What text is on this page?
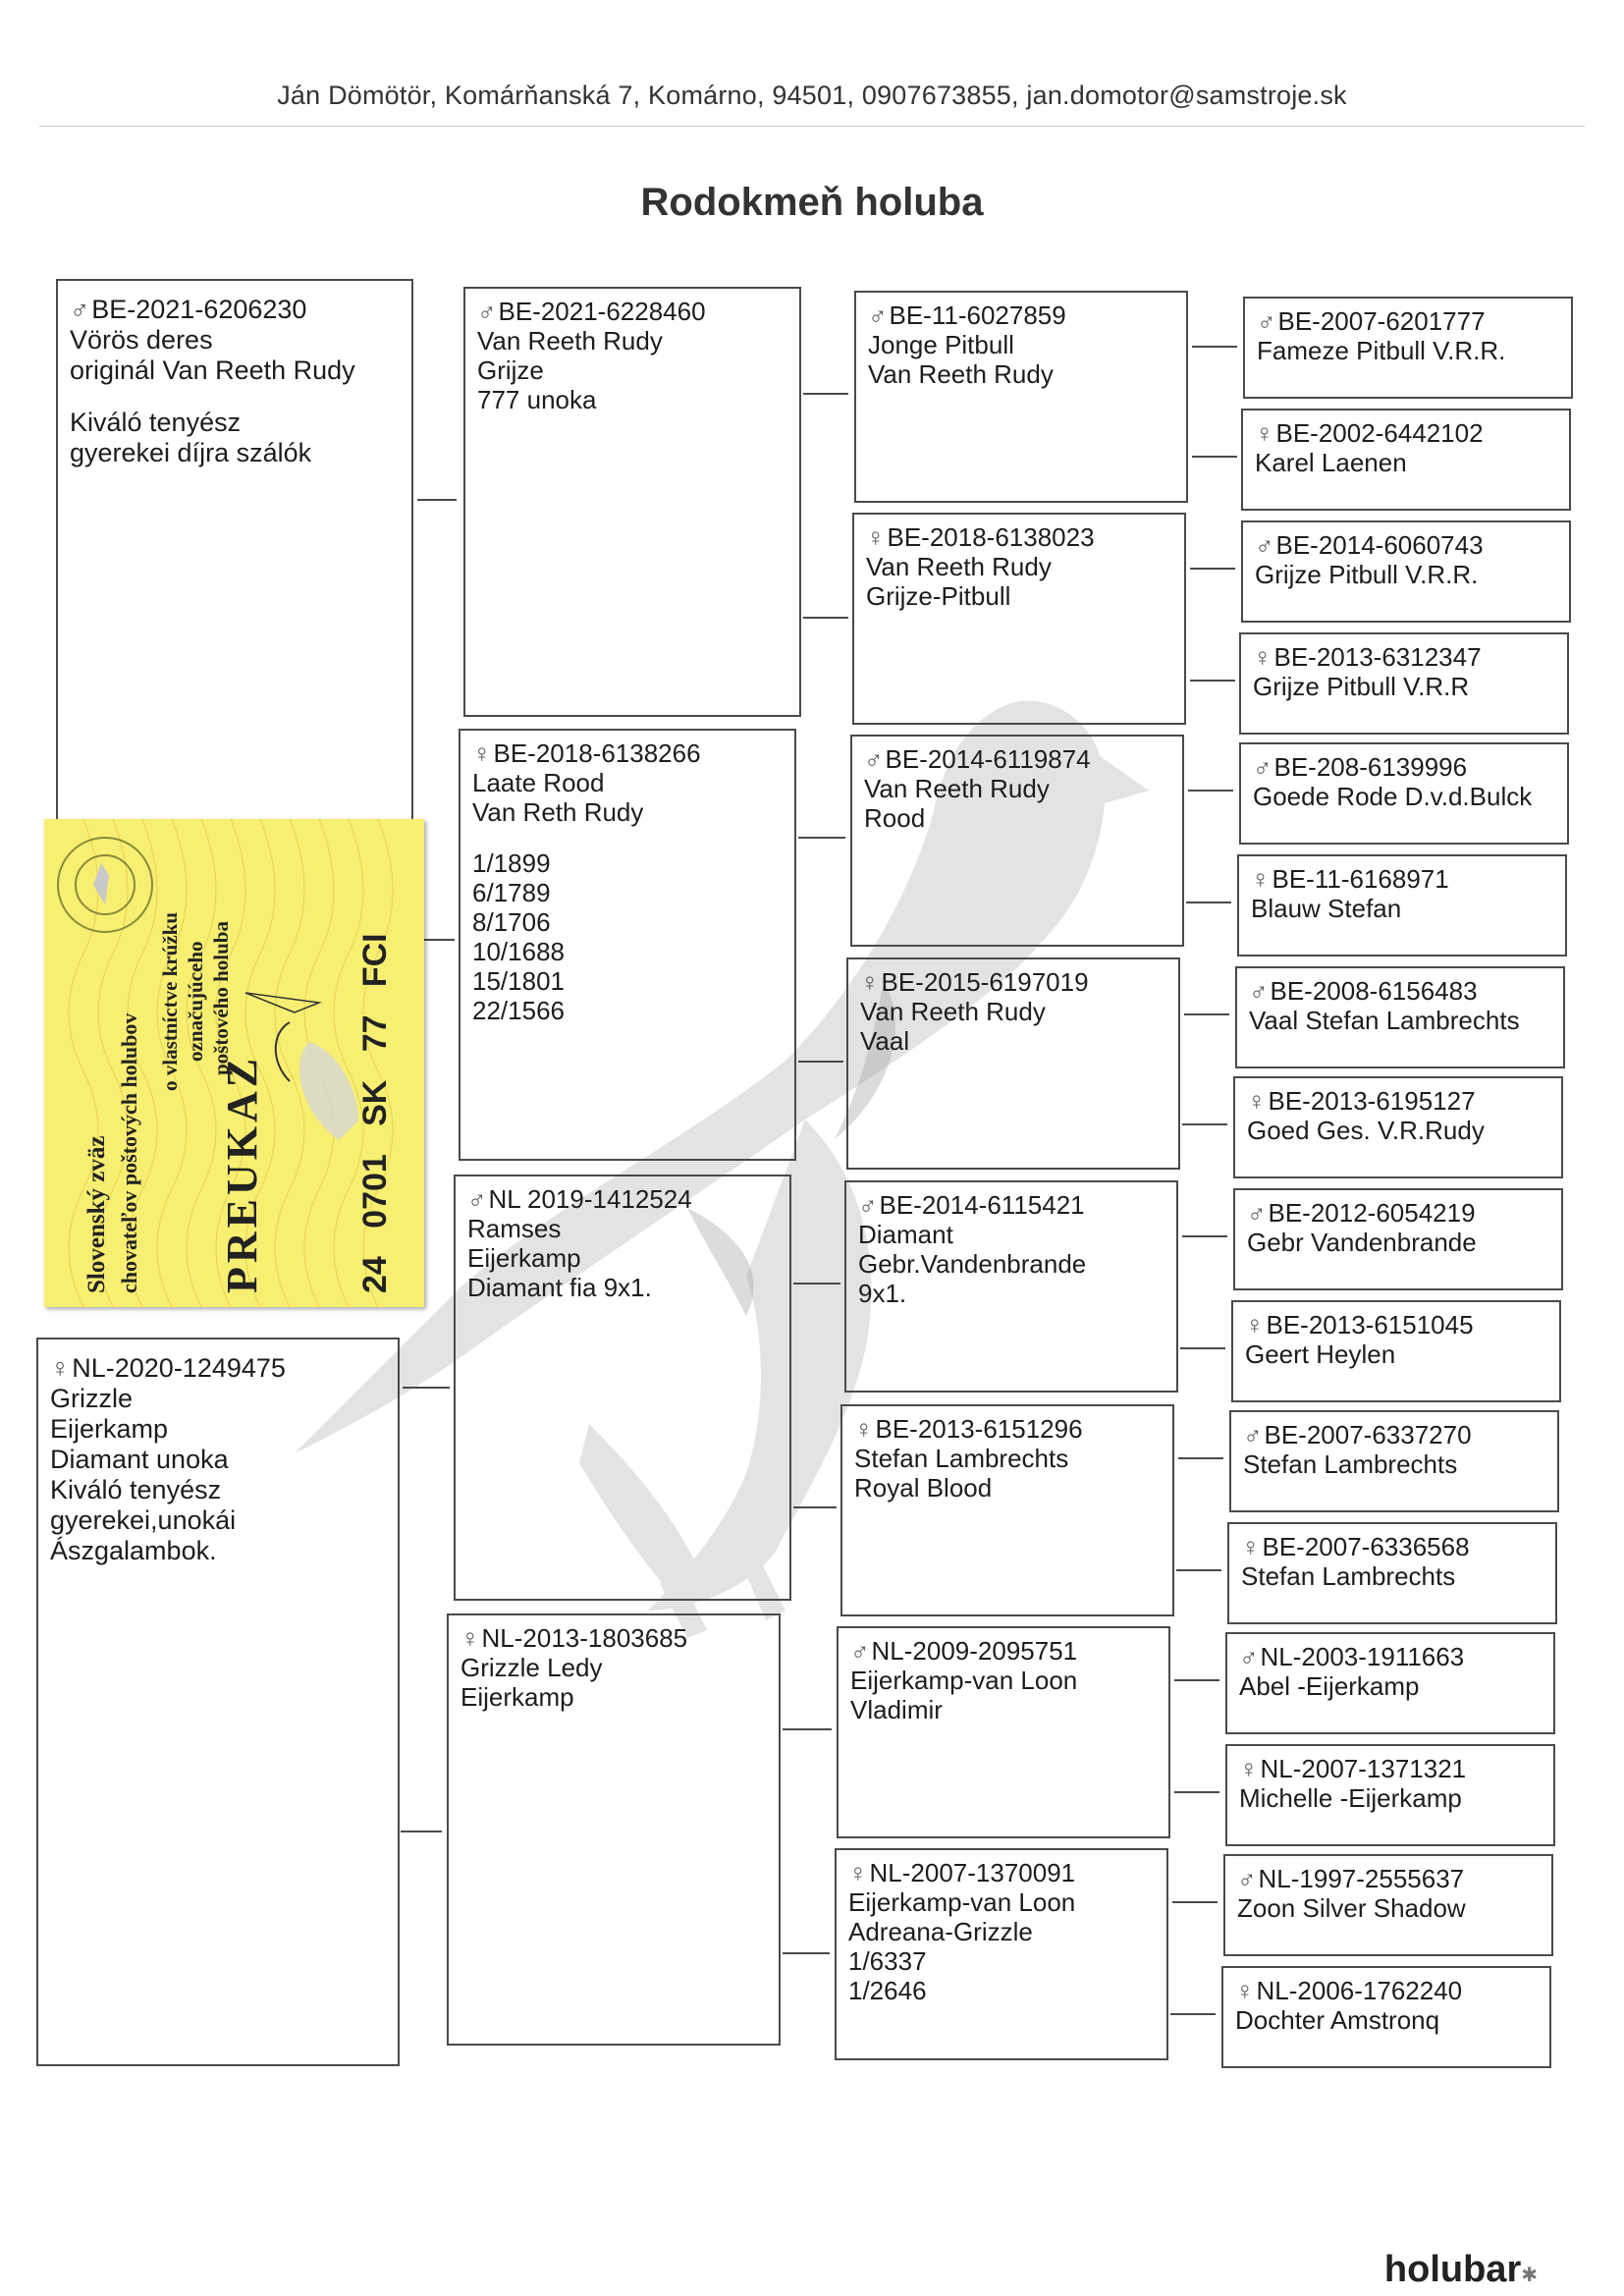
Ján Dömötör, Komárňanská 7, Komárno, 94501, 0907673855, jan.domotor@samstroje.sk
Rodokmeň holuba
♂BE-2021-6206230
Vörös deres
originál Van Reeth Rudy
Kiváló tenyész
gyerekei díjra szálók
♀NL-2020-1249475
Grizzle
Eijerkamp
Diamant unoka
Kiváló tenyész
gyerekei,unokái
Ászgalambok.
♂BE-2021-6228460
Van Reeth Rudy
Grijze
777 unoka
♀BE-2018-6138266
Laate Rood
Van Reth Rudy
1/1899
6/1789
8/1706
10/1688
15/1801
22/1566
♂NL 2019-1412524
Ramses
Eijerkamp
Diamant fia 9x1.
♀NL-2013-1803685
Grizzle Ledy
Eijerkamp
♂BE-11-6027859
Jonge Pitbull
Van Reeth Rudy
♀BE-2018-6138023
Van Reeth Rudy
Grijze-Pitbull
♂BE-2014-6119874
Van Reeth Rudy
Rood
♀BE-2015-6197019
Van Reeth Rudy
Vaal
♂BE-2014-6115421
Diamant
Gebr.Vandenbrande
9x1.
♀BE-2013-6151296
Stefan Lambrechts
Royal Blood
♂NL-2009-2095751
Eijerkamp-van Loon
Vladimir
♀NL-2007-1370091
Eijerkamp-van Loon
Adreana-Grizzle
1/6337
1/2646
♂BE-2007-6201777
Fameze Pitbull V.R.R.
♀BE-2002-6442102
Karel Laenen
♂BE-2014-6060743
Grijze Pitbull V.R.R.
♀BE-2013-6312347
Grijze Pitbull V.R.R
♂BE-208-6139996
Goede Rode D.v.d.Bulck
♀BE-11-6168971
Blauw Stefan
♂BE-2008-6156483
Vaal Stefan Lambrechts
♀BE-2013-6195127
Goed Ges. V.R.Rudy
♂BE-2012-6054219
Gebr Vandenbrande
♀BE-2013-6151045
Geert Heylen
♂BE-2007-6337270
Stefan Lambrechts
♀BE-2007-6336568
Stefan Lambrechts
♂NL-2003-1911663
Abel -Eijerkamp
♀NL-2007-1371321
Michelle -Eijerkamp
♂NL-1997-2555637
Zoon Silver Shadow
♀NL-2006-1762240
Dochter Amstronq
Slovenský zväz chovateľov poštových holubov PREUKAZ
o vlastníctve krúžku označujúceho poštového holuba	24   0701   SK   77   FCI
holubar✱
